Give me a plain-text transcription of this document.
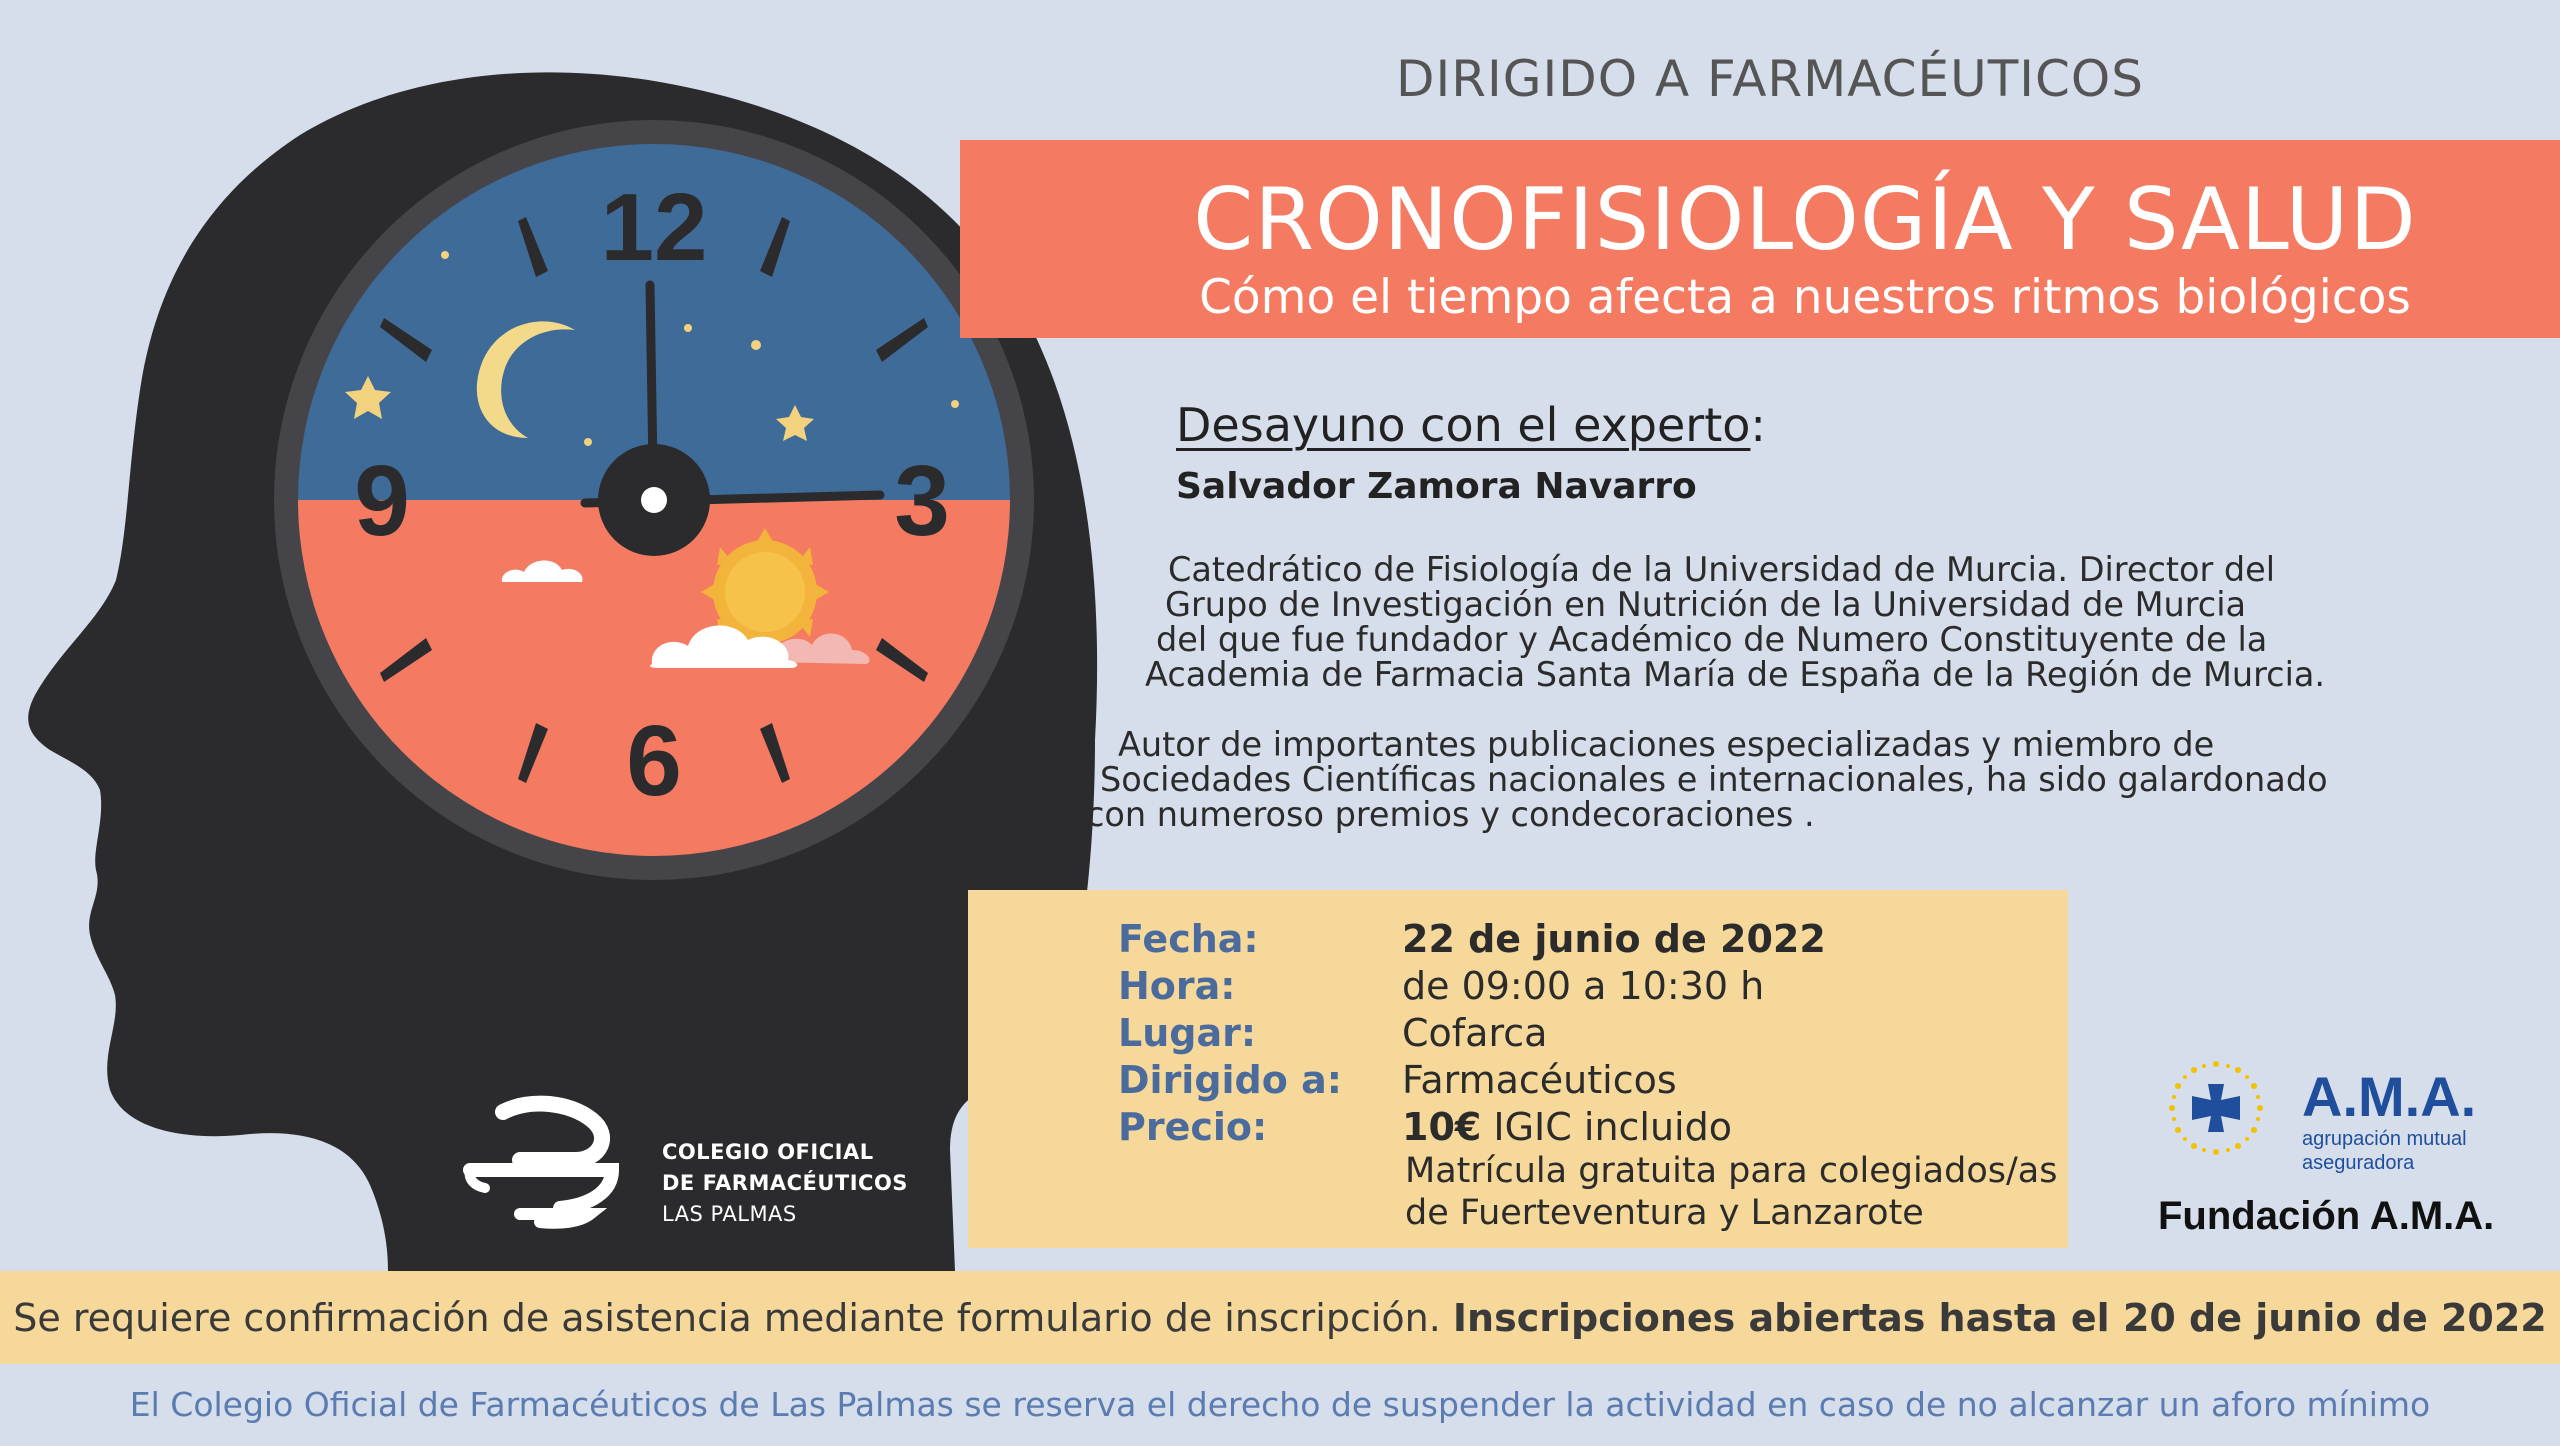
12
3
6
9
COLEGIO OFICIAL
DE FARMACÉUTICOS
LAS PALMAS
DIRIGIDO A FARMACÉUTICOS
CRONOFISIOLOGÍA Y SALUD
Cómo el tiempo afecta a nuestros ritmos biológicos
Desayuno con el experto:
Salvador Zamora Navarro
Catedrático de Fisiología de la Universidad de Murcia. Director del
Grupo de Investigación en Nutrición de la Universidad de Murcia
del que fue fundador y Académico de Numero Constituyente de la
Academia de Farmacia Santa María de España de la Región de Murcia.
Autor de importantes publicaciones especializadas y miembro de
Sociedades Científicas nacionales e internacionales, ha sido galardonado
con numeroso premios y condecoraciones .
Fecha:	22 de junio de 2022
Hora:	de 09:00 a 10:30 h
Lugar:	Cofarca
Dirigido a: Farmacéuticos
Precio:	10€ IGIC incluido
Matrícula gratuita para colegiados/as
de Fuerteventura y Lanzarote
A.M.A.
agrupación mutual
aseguradora
Fundación A.M.A.
Se requiere confirmación de asistencia mediante formulario de inscripción. Inscripciones abiertas hasta el 20 de junio de 2022
El Colegio Oficial de Farmacéuticos de Las Palmas se reserva el derecho de suspender la actividad en caso de no alcanzar un aforo mínimo
